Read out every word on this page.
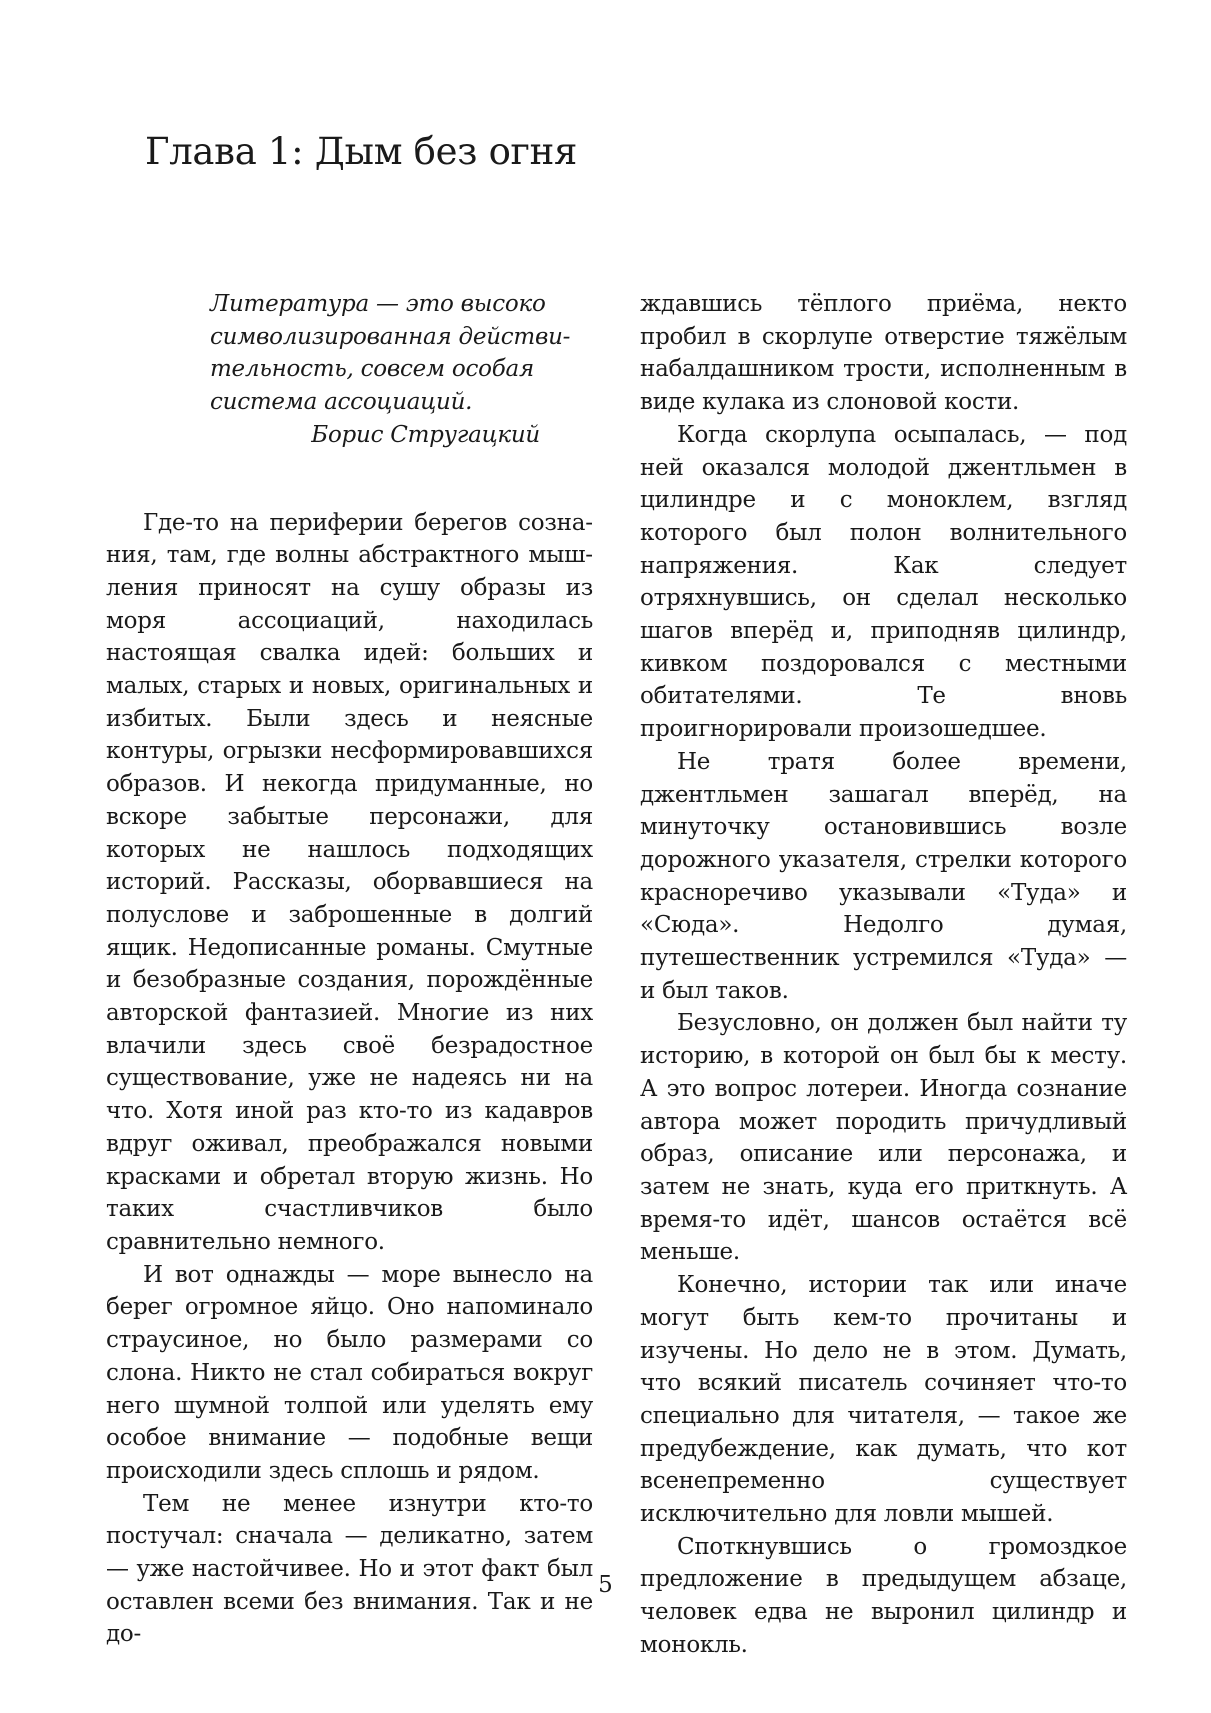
Глава 1: Дым без огня
Литература — это высоко
символизированная действи-
тельность, совсем особая
система ассоциаций.
Борис Стругацкий

Где-то на периферии берегов сознания, там, где волны абстрактного мышления приносят на сушу образы из моря ассоциаций, находилась настоящая свалка идей: больших и малых, старых и новых, оригинальных и избитых. Были здесь и неясные контуры, огрызки несформировавшихся образов. И некогда придуманные, но вскоре забытые персонажи, для которых не нашлось подходящих историй. Рассказы, оборвавшиеся на полуслове и заброшенные в долгий ящик. Недописанные романы. Смутные и безобразные создания, порождённые авторской фантазией. Многие из них влачили здесь своё безрадостное существование, уже не надеясь ни на что. Хотя иной раз кто-то из кадавров вдруг оживал, преображался новыми красками и обретал вторую жизнь. Но таких счастливчиков было сравнительно немного.

И вот однажды — море вынесло на берег огромное яйцо. Оно напоминало страусиное, но было размерами со слона. Никто не стал собираться вокруг него шумной толпой или уделять ему особое внимание — подобные вещи происходили здесь сплошь и рядом.

Тем не менее изнутри кто-то постучал: сначала — деликатно, затем — уже настойчивее. Но и этот факт был оставлен всеми без внимания. Так и не до-

ждавшись тёплого приёма, некто пробил в скорлупе отверстие тяжёлым набалдашником трости, исполненным в виде кулака из слоновой кости.

Когда скорлупа осыпалась, — под ней оказался молодой джентльмен в цилиндре и с моноклем, взгляд которого был полон волнительного напряжения. Как следует отряхнувшись, он сделал несколько шагов вперёд и, приподняв цилиндр, кивком поздоровался с местными обитателями. Те вновь проигнорировали произошедшее.

Не тратя более времени, джентльмен зашагал вперёд, на минуточку остановившись возле дорожного указателя, стрелки которого красноречиво указывали «Туда» и «Сюда». Недолго думая, путешественник устремился «Туда» — и был таков.

Безусловно, он должен был найти ту историю, в которой он был бы к месту. А это вопрос лотереи. Иногда сознание автора может породить причудливый образ, описание или персонажа, и затем не знать, куда его приткнуть. А время-то идёт, шансов остаётся всё меньше.

Конечно, истории так или иначе могут быть кем-то прочитаны и изучены. Но дело не в этом. Думать, что всякий писатель сочиняет что-то специально для читателя, — такое же предубеждение, как думать, что кот всенепременно существует исключительно для ловли мышей.

Споткнувшись о громоздкое предложение в предыдущем абзаце, человек едва не выронил цилиндр и монокль.

5
